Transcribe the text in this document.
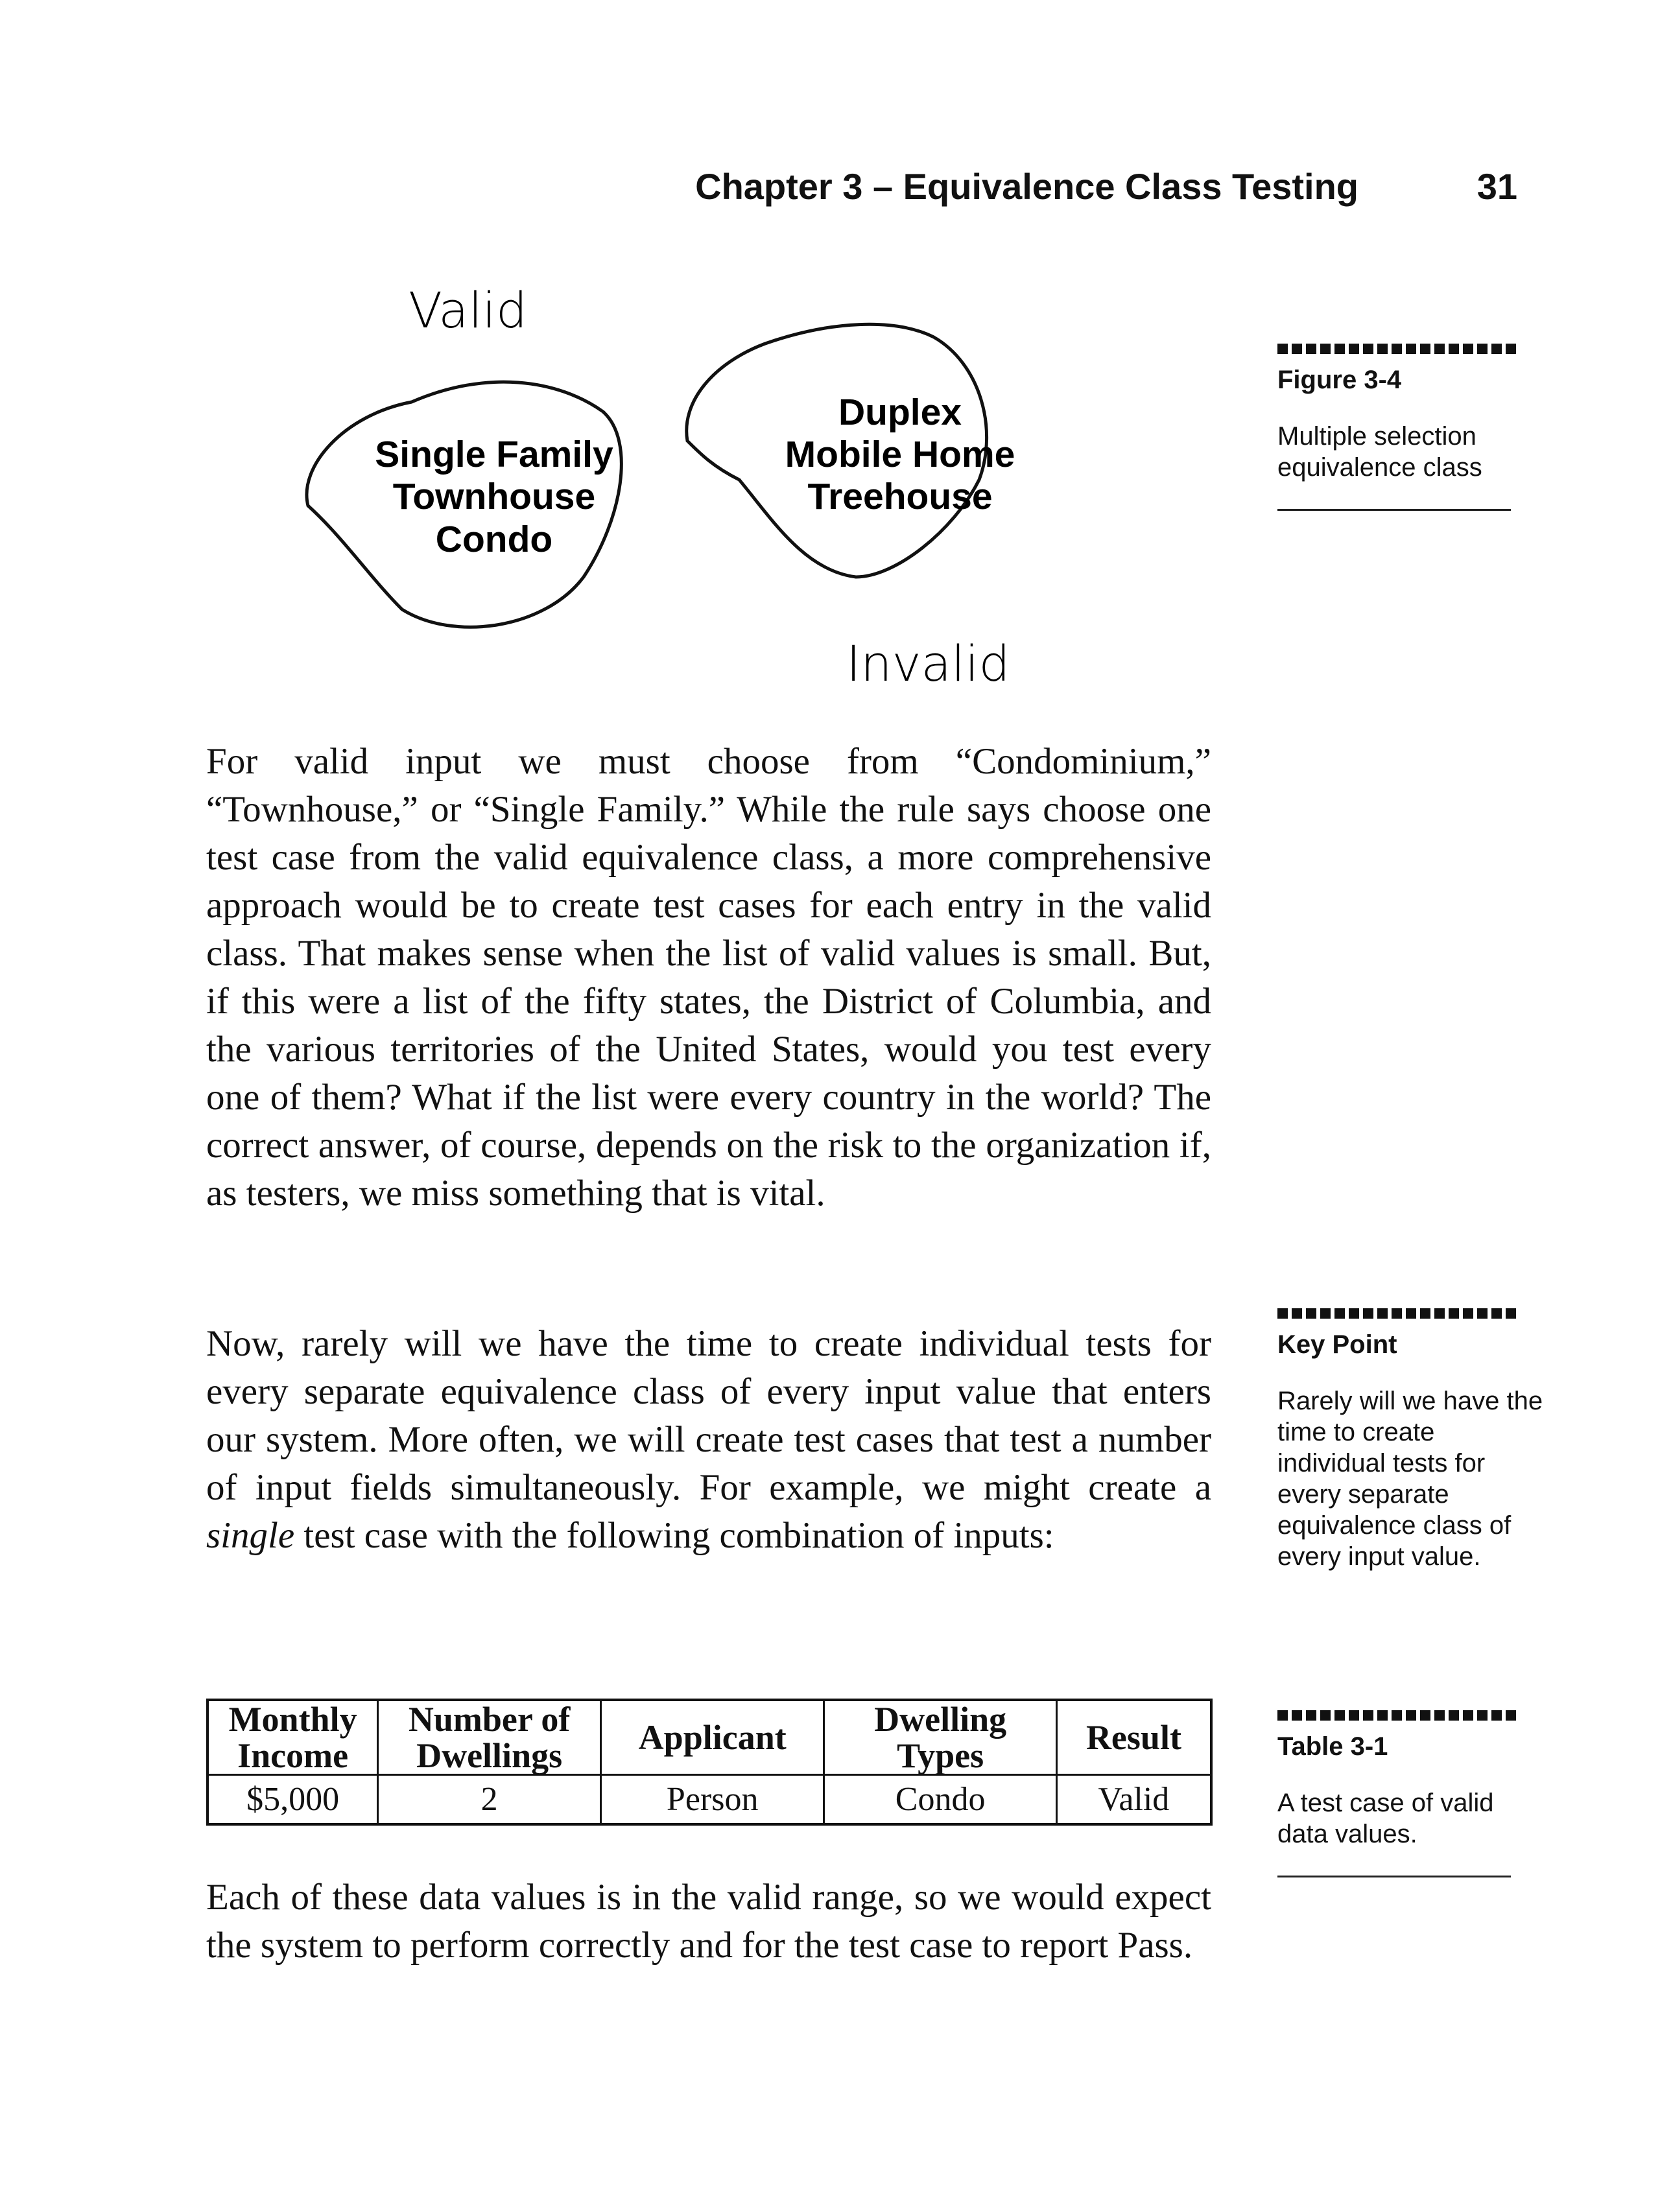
Chapter 3 – Equivalence Class Testing	31
Valid
Single Family
Townhouse
Condo
Duplex
Mobile Home
Treehouse
Invalid
Figure 3-4
Multiple selection equivalence class
For valid input we must choose from “Condominium,” “Townhouse,” or “Single Family.” While the rule says choose one test case from the valid equivalence class, a more comprehensive approach would be to create test cases for each entry in the valid class. That makes sense when the list of valid values is small. But, if this were a list of the fifty states, the District of Columbia, and the various territories of the United States, would you test every one of them? What if the list were every country in the world? The correct answer, of course, depends on the risk to the organization if, as testers, we miss something that is vital.
Key Point
Rarely will we have the time to create individual tests for every separate equivalence class of every input value.
Now, rarely will we have the time to create individual tests for every separate equivalence class of every input value that enters our system. More often, we will create test cases that test a number of input fields simultaneously. For example, we might create a single test case with the following combination of inputs:
Monthly Income	Number of Dwellings	Applicant	Dwelling Types	Result
$5,000	2	Person	Condo	Valid
Table 3-1
A test case of valid data values.
Each of these data values is in the valid range, so we would expect the system to perform correctly and for the test case to report Pass.
